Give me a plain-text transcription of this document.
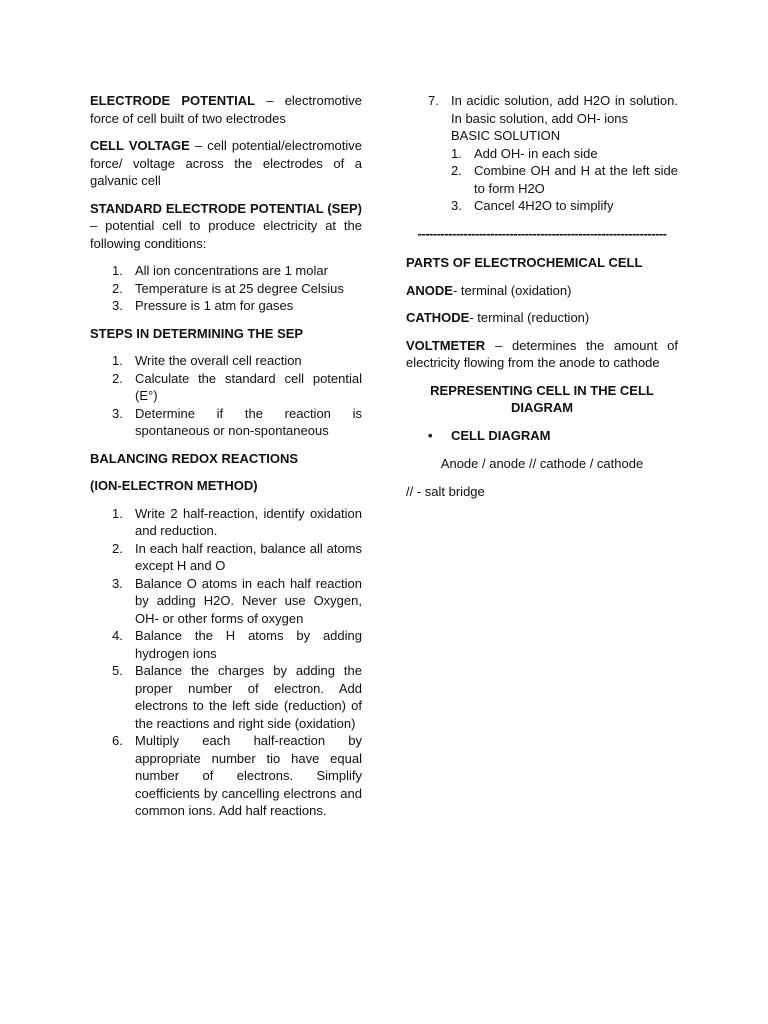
ELECTRODE POTENTIAL – electromotive force of cell built of two electrodes

CELL VOLTAGE – cell potential/electromotive force/ voltage across the electrodes of a galvanic cell

STANDARD ELECTRODE POTENTIAL (SEP) – potential cell to produce electricity at the following conditions:

1. All ion concentrations are 1 molar
2. Temperature is at 25 degree Celsius
3. Pressure is 1 atm for gases

STEPS IN DETERMINING THE SEP

1. Write the overall cell reaction
2. Calculate the standard cell potential (E°)
3. Determine if the reaction is spontaneous or non-spontaneous

BALANCING REDOX REACTIONS

(ION-ELECTRON METHOD)

1. Write 2 half-reaction, identify oxidation and reduction.
2. In each half reaction, balance all atoms except H and O
3. Balance O atoms in each half reaction by adding H2O. Never use Oxygen, OH- or other forms of oxygen
4. Balance the H atoms by adding hydrogen ions
5. Balance the charges by adding the proper number of electron. Add electrons to the left side (reduction) of the reactions and right side (oxidation)
6. Multiply each half-reaction by appropriate number tio have equal number of electrons. Simplify coefficients by cancelling electrons and common ions. Add half reactions.
7. In acidic solution, add H2O in solution. In basic solution, add OH- ions
BASIC SOLUTION
1. Add OH- in each side
2. Combine OH and H at the left side to form H2O
3. Cancel 4H2O to simplify
-----------------------------------------------------------------

PARTS OF ELECTROCHEMICAL CELL

ANODE- terminal (oxidation)

CATHODE- terminal (reduction)

VOLTMETER – determines the amount of electricity flowing from the anode to cathode

REPRESENTING CELL IN THE CELL DIAGRAM

• CELL DIAGRAM

Anode / anode // cathode / cathode

// - salt bridge
